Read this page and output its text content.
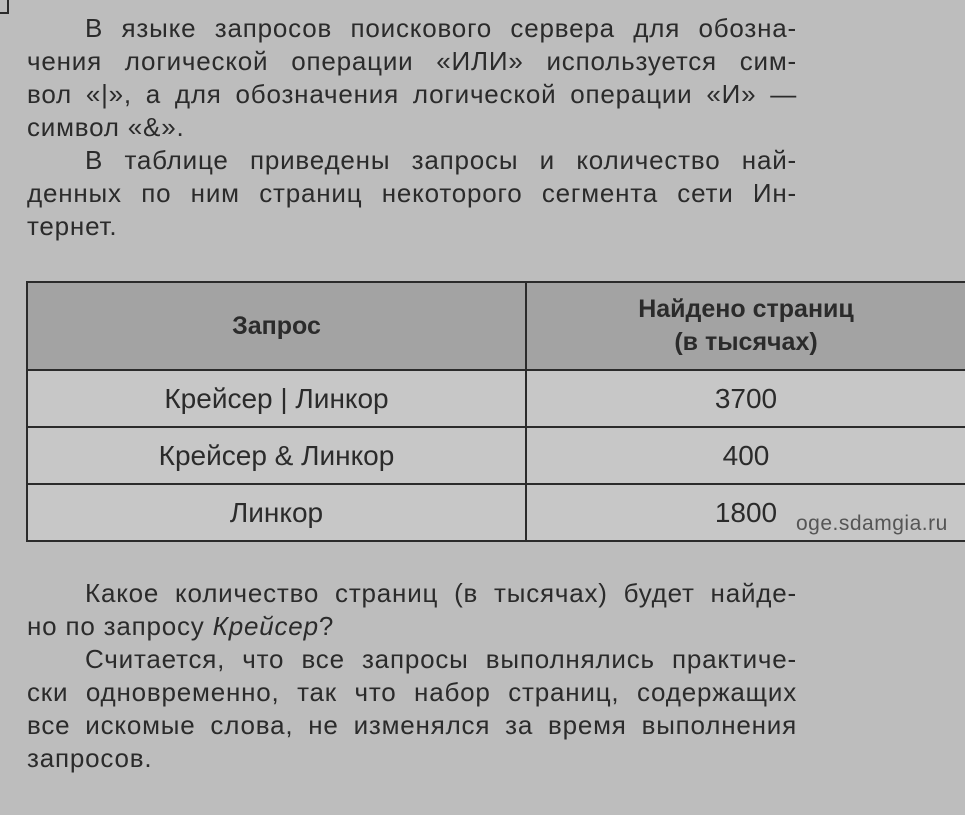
В языке запросов поискового сервера для обозна-
чения логической операции «ИЛИ» используется сим-
вол «|», а для обозначения логической операции «И» —
символ «&».
В таблице приведены запросы и количество най-
денных по ним страниц некоторого сегмента сети Ин-
тернет.
Запрос	Найдено страниц
(в тысячах)
Крейсер | Линкор	3700
Крейсер & Линкор	400
Линкор	1800 oge.sdamgia.ru
Какое количество страниц (в тысячах) будет найде-
но по запросу Крейсер?
Считается, что все запросы выполнялись практиче-
ски одновременно, так что набор страниц, содержащих
все искомые слова, не изменялся за время выполнения
запросов.
